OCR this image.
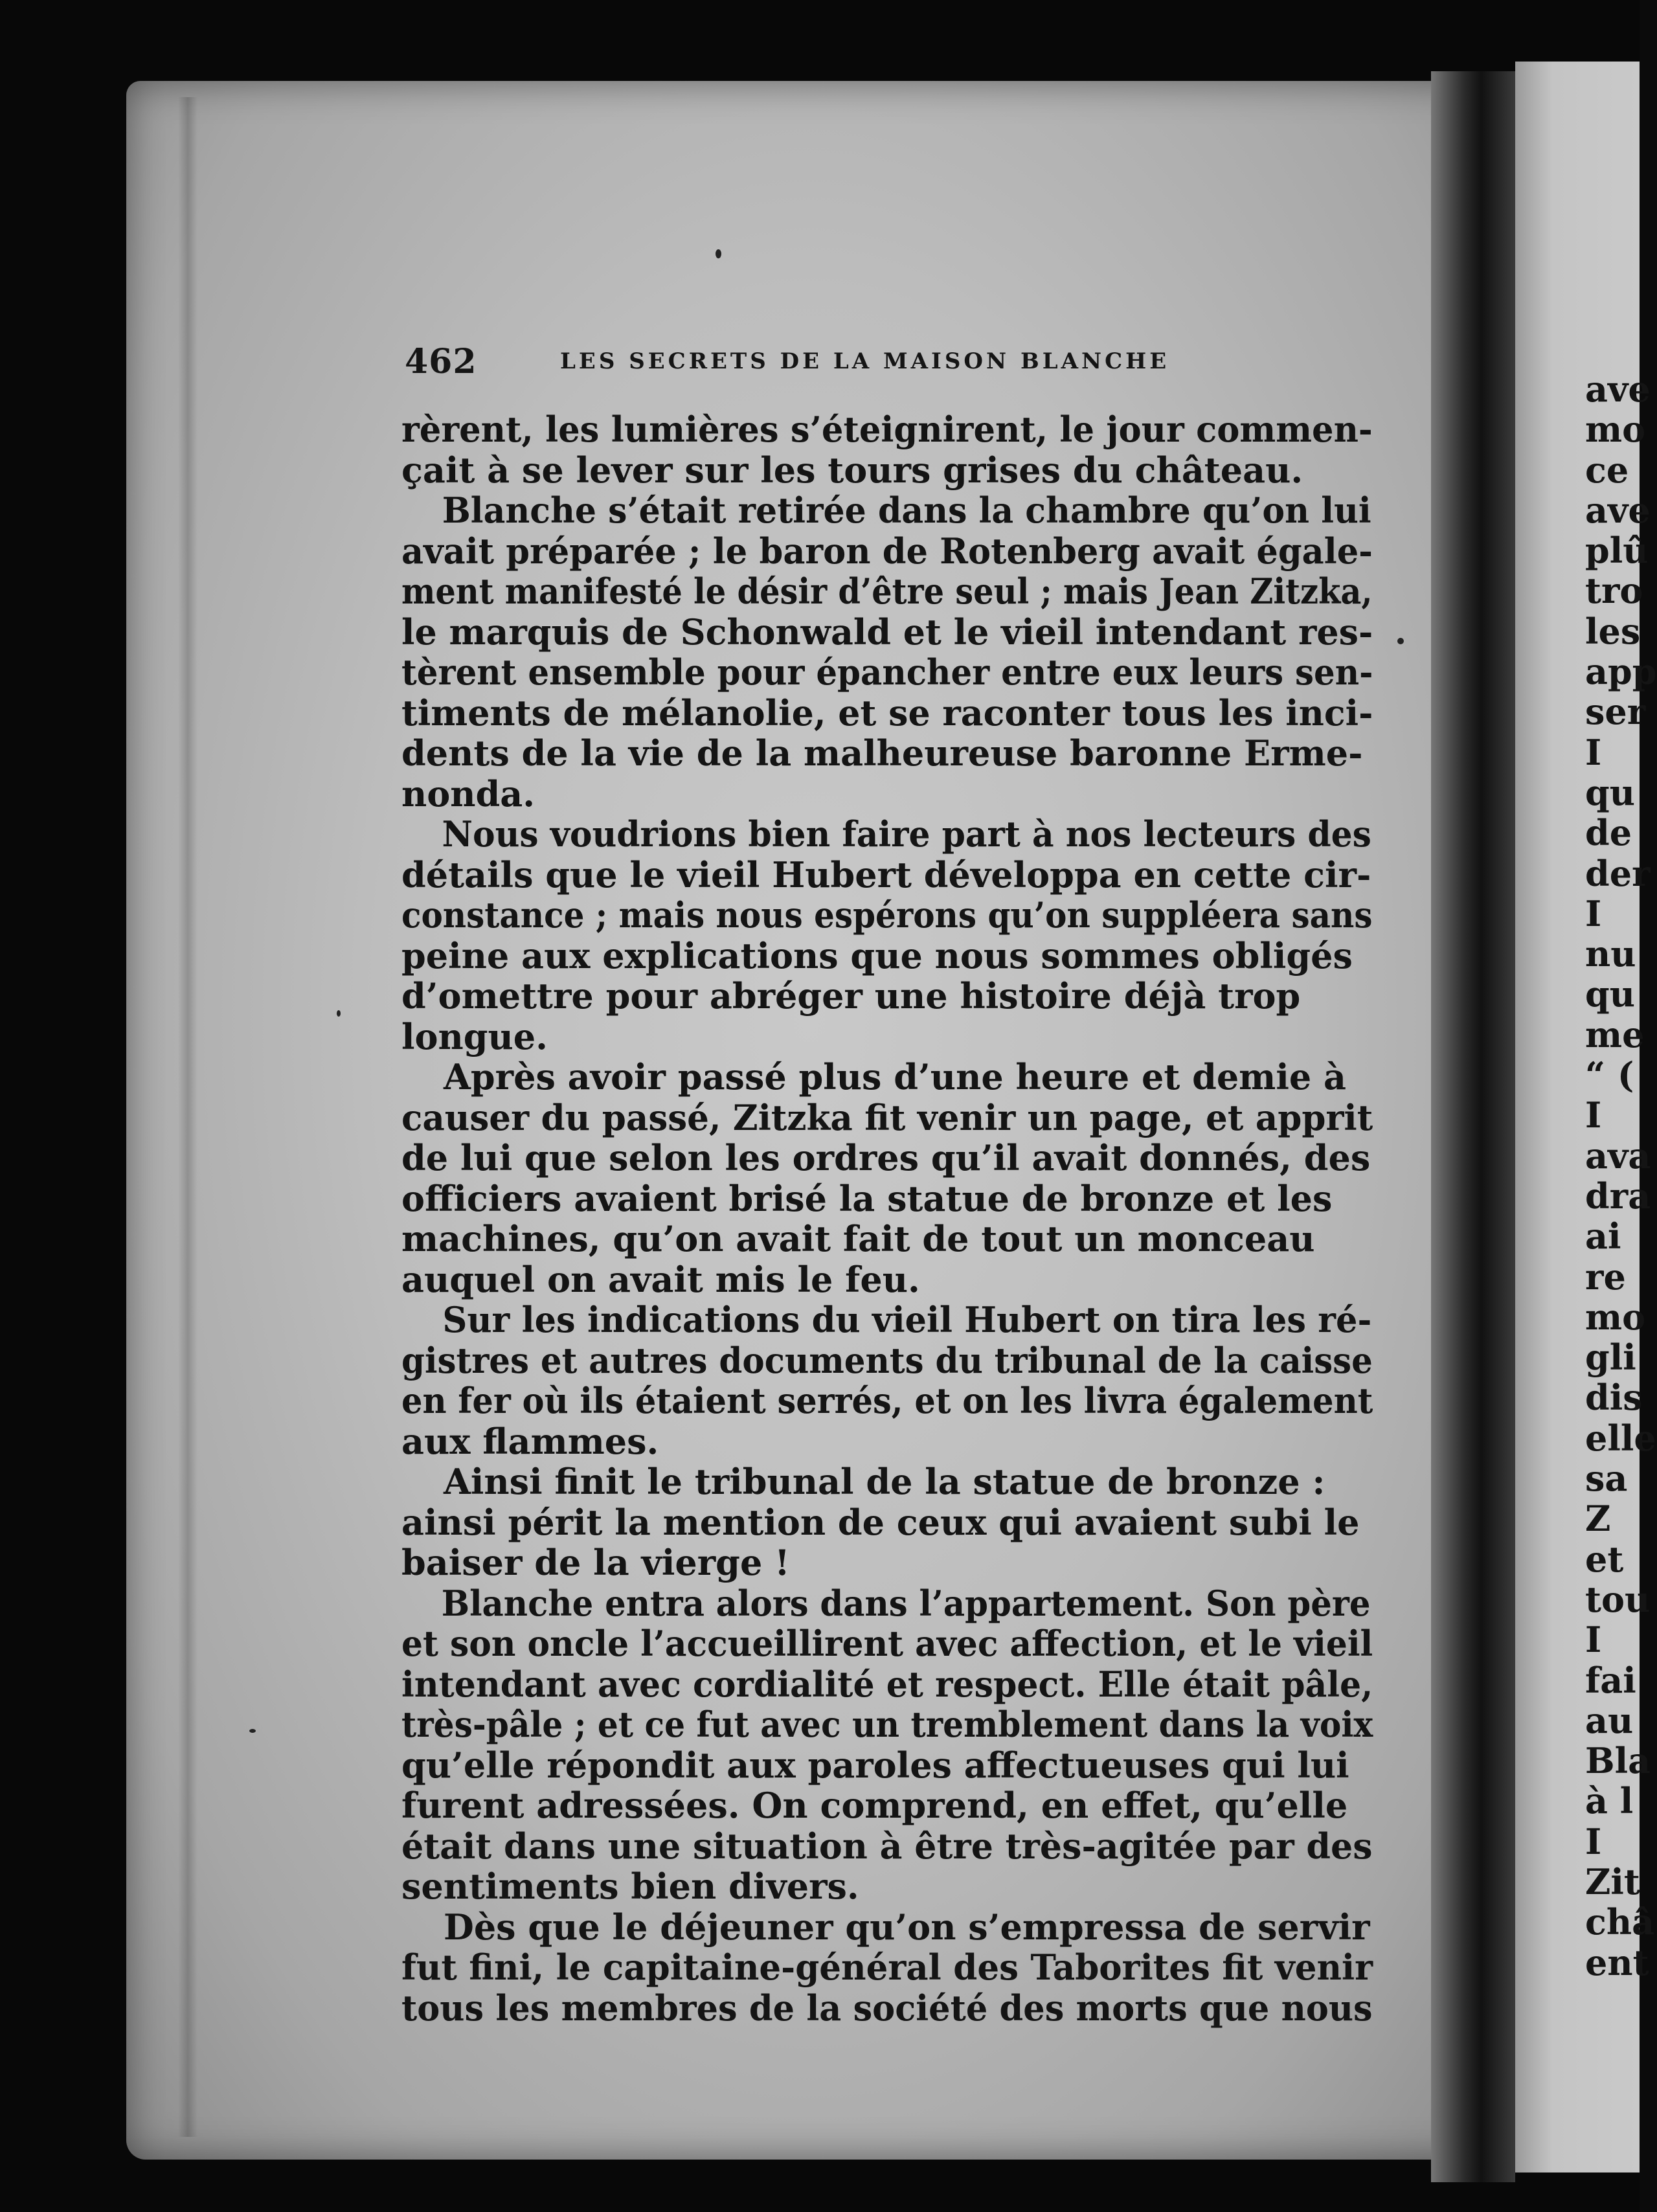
462	LES SECRETS DE LA MAISON BLANCHE
rèrent, les lumières s’éteignirent, le jour commen-
çait à se lever sur les tours grises du château.
Blanche s’était retirée dans la chambre qu’on lui
avait préparée ; le baron de Rotenberg avait égale-
ment manifesté le désir d’être seul ; mais Jean Zitzka,
le marquis de Schonwald et le vieil intendant res-
tèrent ensemble pour épancher entre eux leurs sen-
timents de mélanolie, et se raconter tous les inci-
dents de la vie de la malheureuse baronne Erme-
nonda.
Nous voudrions bien faire part à nos lecteurs des
détails que le vieil Hubert développa en cette cir-
constance ; mais nous espérons qu’on suppléera sans
peine aux explications que nous sommes obligés
d’omettre pour abréger une histoire déjà trop
longue.
Après avoir passé plus d’une heure et demie à
causer du passé, Zitzka fit venir un page, et apprit
de lui que selon les ordres qu’il avait donnés, des
officiers avaient brisé la statue de bronze et les
machines, qu’on avait fait de tout un monceau
auquel on avait mis le feu.
Sur les indications du vieil Hubert on tira les ré-
gistres et autres documents du tribunal de la caisse
en fer où ils étaient serrés, et on les livra également
aux flammes.
Ainsi finit le tribunal de la statue de bronze :
ainsi périt la mention de ceux qui avaient subi le
baiser de la vierge !
Blanche entra alors dans l’appartement. Son père
et son oncle l’accueillirent avec affection, et le vieil
intendant avec cordialité et respect. Elle était pâle,
très-pâle ; et ce fut avec un tremblement dans la voix
qu’elle répondit aux paroles affectueuses qui lui
furent adressées. On comprend, en effet, qu’elle
était dans une situation à être très-agitée par des
sentiments bien divers.
Dès que le déjeuner qu’on s’empressa de servir
fut fini, le capitaine-général des Taborites fit venir
tous les membres de la société des morts que nous
ave
mo
ce
ave
plû
tro
les
app
ser
I
qu
de
der
I
nu
qu
me
“ (
I
ava
dra
ai
re
mo
gli
dis
elle
sa
Z
et
tou
I
fai
au
Bla
à l
I
Zit
châ
ent
